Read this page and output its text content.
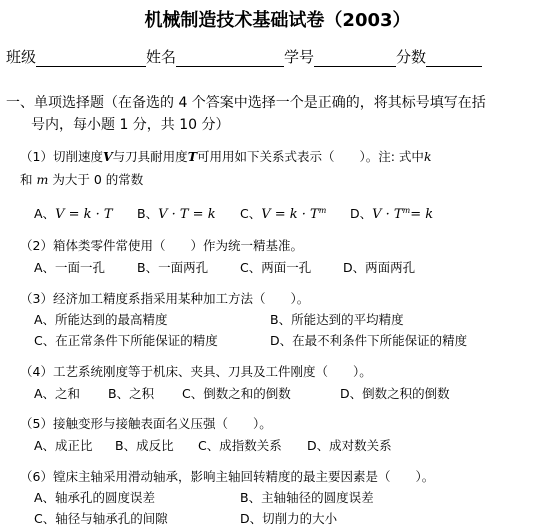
机械制造技术基础试卷（2003）
班级	姓名	学号	分数
一、单项选择题（在备选的 4 个答案中选择一个是正确的，将其标号填写在括
号内，每小题 1 分，共 10 分）
（1）切削速度V与刀具耐用度T可用用如下关系式表示（　　）。注: 式中k
和 m 为大于 0 的常数
A、V = k · T B、V · T = k C、$V = k \cdot T^m$ D、$V \cdot T^m= k$
（2）箱体类零件常使用（　　）作为统一精基准。
A、一面一孔	B、一面两孔	C、两面一孔	D、两面两孔
（3）经济加工精度系指采用某种加工方法（　　）。
A、所能达到的最高精度	B、所能达到的平均精度
C、在正常条件下所能保证的精度	D、在最不利条件下所能保证的精度
（4）工艺系统刚度等于机床、夹具、刀具及工件刚度（　　）。
A、之和 B、之积 C、倒数之和的倒数	D、倒数之积的倒数
（5）接触变形与接触表面名义压强（　　）。
A、成正比 B、成反比 C、成指数关系 D、成对数关系
（6）镗床主轴采用滑动轴承，影响主轴回转精度的最主要因素是（　　）。
A、轴承孔的圆度误差	B、主轴轴径的圆度误差
C、轴径与轴承孔的间隙	D、切削力的大小
